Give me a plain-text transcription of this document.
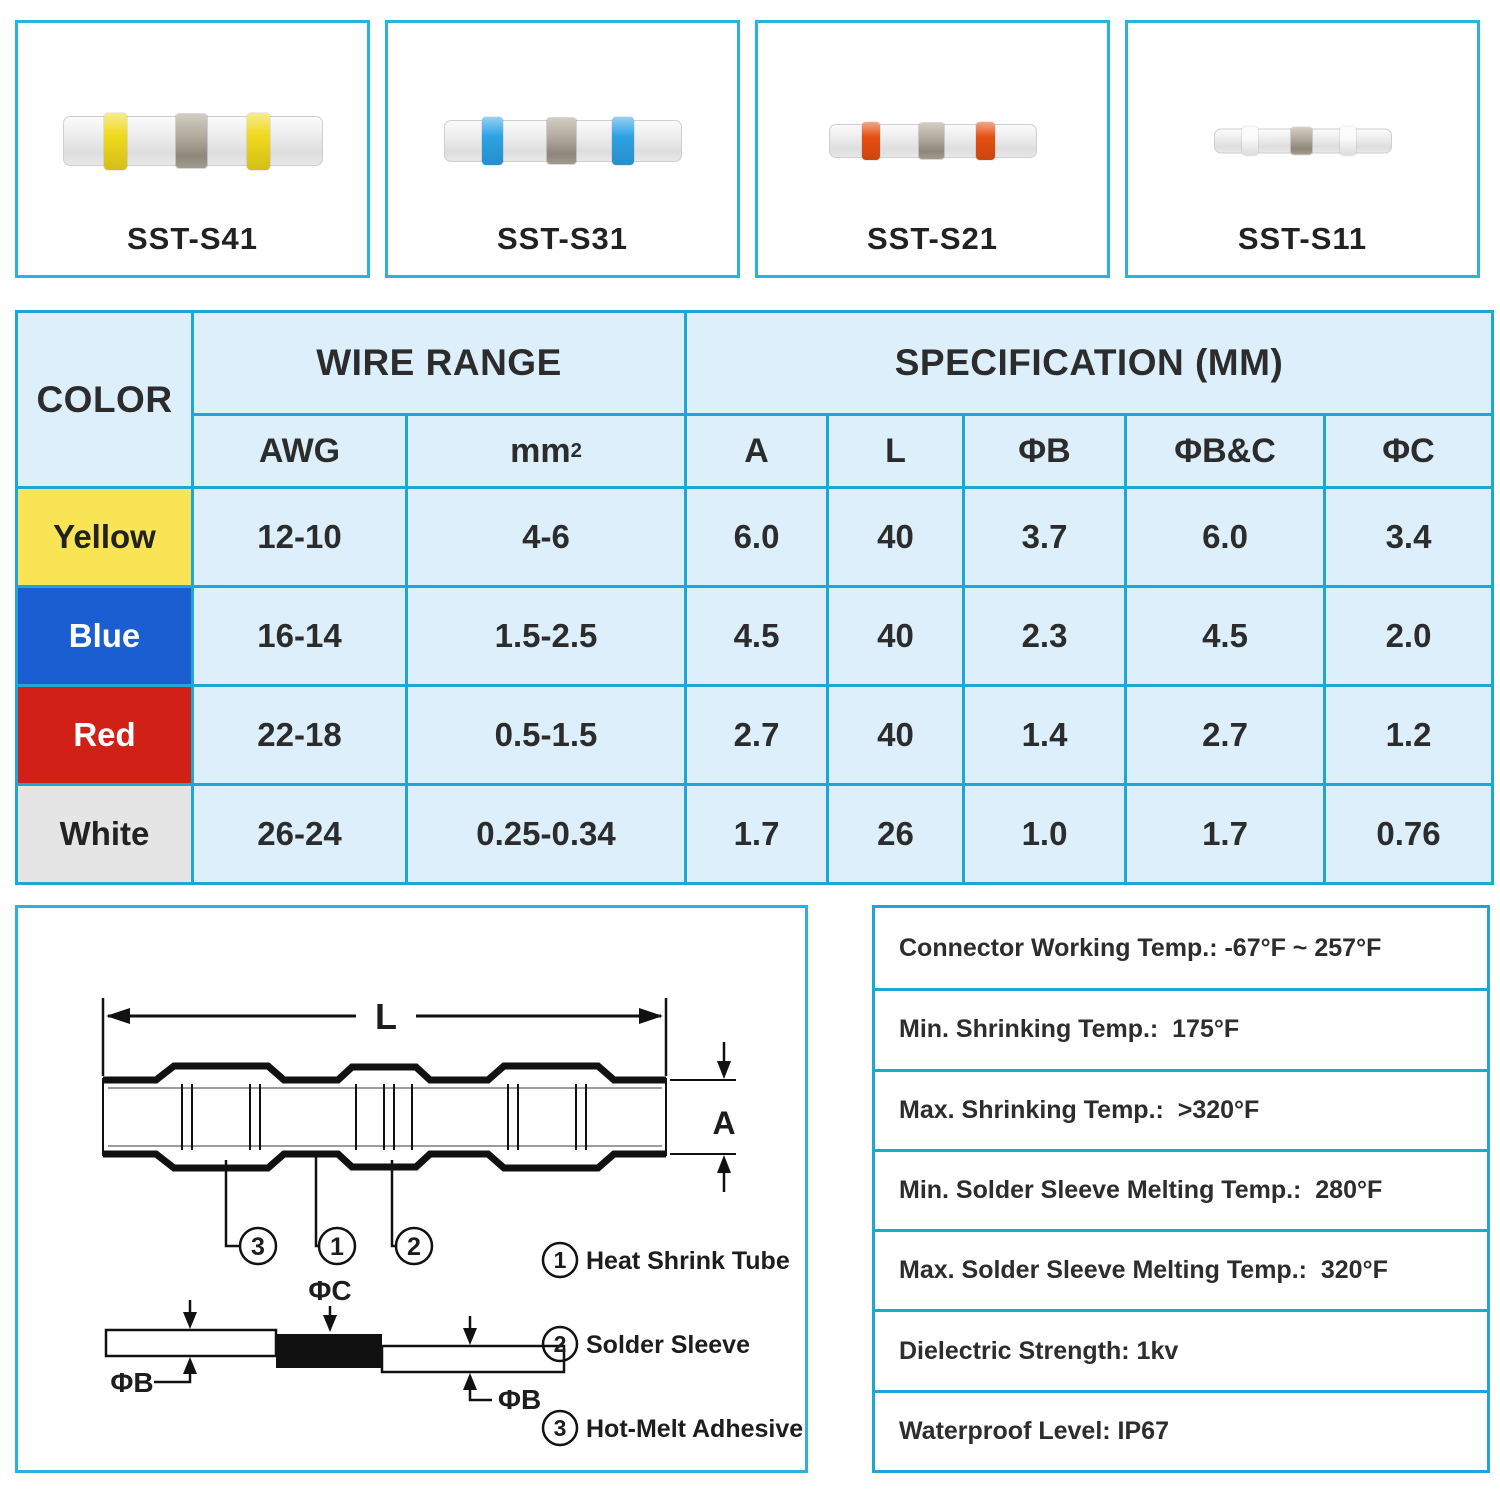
SST-S41	SST-S31	SST-S21	SST-S11
COLOR
WIRE RANGE	SPECIFICATION (MM)
AWG	mm 2	A	L	ΦB	ΦB&C	ΦC
Yellow	12-10	4-6	6.0	40	3.7	6.0	3.4
Blue	16-14	1.5-2.5	4.5	40	2.3	4.5	2.0
Red	22-18	0.5-1.5	2.7	40	1.4	2.7	1.2
White	26-24	0.25-0.34	1.7	26	1.0	1.7	0.76
L
A
3	1	2
ΦC
ΦB
ΦB
1 Heat Shrink Tube
2 Solder Sleeve
3 Hot-Melt Adhesive
Connector Working Temp.: -67°F ~ 257°F
Min. Shrinking Temp.:  175°F
Max. Shrinking Temp.:  >320°F
Min. Solder Sleeve Melting Temp.:  280°F
Max. Solder Sleeve Melting Temp.:  320°F
Dielectric Strength: 1kv
Waterproof Level: IP67
